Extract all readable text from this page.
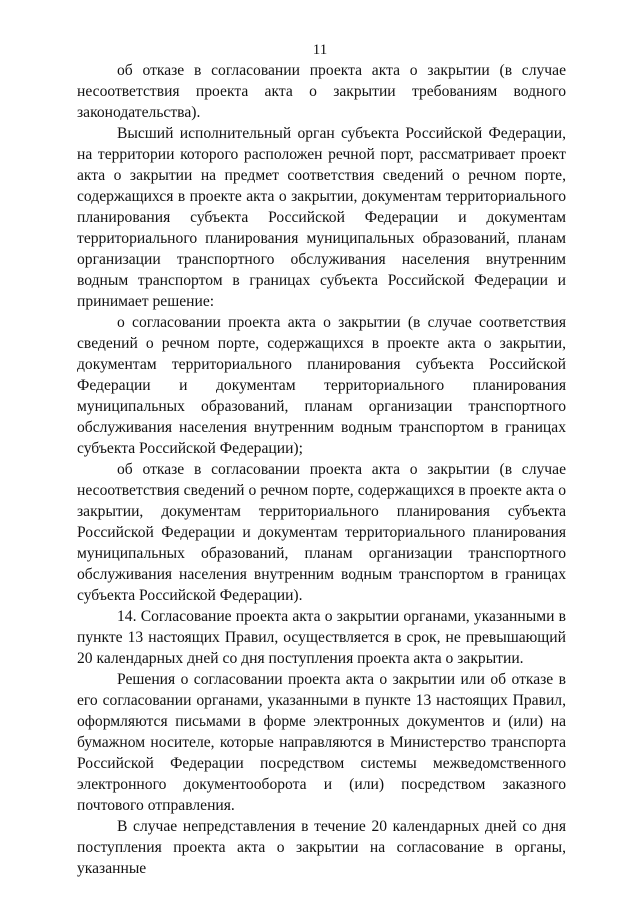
11

об отказе в согласовании проекта акта о закрытии (в случае несоответствия проекта акта о закрытии требованиям водного законодательства).

Высший исполнительный орган субъекта Российской Федерации, на территории которого расположен речной порт, рассматривает проект акта о закрытии на предмет соответствия сведений о речном порте, содержащихся в проекте акта о закрытии, документам территориального планирования субъекта Российской Федерации и документам территориального планирования муниципальных образований, планам организации транспортного обслуживания населения внутренним водным транспортом в границах субъекта Российской Федерации и принимает решение:

о согласовании проекта акта о закрытии (в случае соответствия сведений о речном порте, содержащихся в проекте акта о закрытии, документам территориального планирования субъекта Российской Федерации и документам территориального планирования муниципальных образований, планам организации транспортного обслуживания населения внутренним водным транспортом в границах субъекта Российской Федерации);

об отказе в согласовании проекта акта о закрытии (в случае несоответствия сведений о речном порте, содержащихся в проекте акта о закрытии, документам территориального планирования субъекта Российской Федерации и документам территориального планирования муниципальных образований, планам организации транспортного обслуживания населения внутренним водным транспортом в границах субъекта Российской Федерации).

14. Согласование проекта акта о закрытии органами, указанными в пункте 13 настоящих Правил, осуществляется в срок, не превышающий 20 календарных дней со дня поступления проекта акта о закрытии.

Решения о согласовании проекта акта о закрытии или об отказе в его согласовании органами, указанными в пункте 13 настоящих Правил, оформляются письмами в форме электронных документов и (или) на бумажном носителе, которые направляются в Министерство транспорта Российской Федерации посредством системы межведомственного электронного документооборота и (или) посредством заказного почтового отправления.

В случае непредставления в течение 20 календарных дней со дня поступления проекта акта о закрытии на согласование в органы, указанные
